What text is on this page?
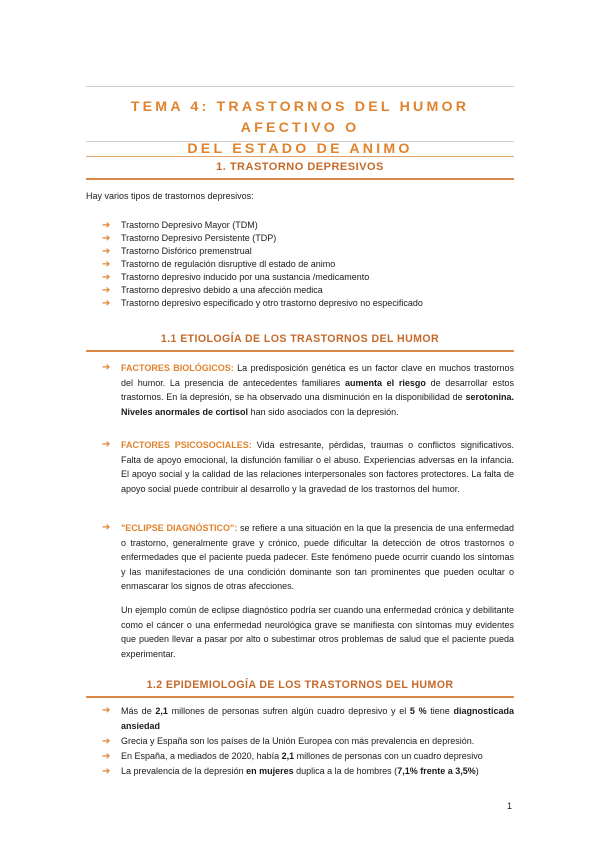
TEMA 4: TRASTORNOS DEL HUMOR AFECTIVO O
DEL ESTADO DE ANIMO
1. TRASTORNO DEPRESIVOS
Hay varios tipos de trastornos depresivos:
➔ Trastorno Depresivo Mayor (TDM)
➔ Trastorno Depresivo Persistente (TDP)
➔ Trastorno Disfórico premenstrual
➔ Trastorno de regulación disruptive dl estado de animo
➔ Trastorno depresivo inducido por una sustancia /medicamento
➔ Trastorno depresivo debido a una afección medica
➔ Trastorno depresivo especificado y otro trastorno depresivo no especificado
1.1 ETIOLOGÍA DE LOS TRASTORNOS DEL HUMOR
➔	FACTORES BIOLÓGICOS: La predisposición genética es un factor clave en muchos trastornos del humor. La presencia de antecedentes familiares aumenta el riesgo de desarrollar estos trastornos. En la depresión, se ha observado una disminución en la disponibilidad de serotonina. Niveles anormales de cortisol han sido asociados con la depresión.
➔	FACTORES PSICOSOCIALES: Vida estresante, pérdidas, traumas o conflictos significativos. Falta de apoyo emocional, la disfunción familiar o el abuso. Experiencias adversas en la infancia. El apoyo social y la calidad de las relaciones interpersonales son factores protectores. La falta de apoyo social puede contribuir al desarrollo y la gravedad de los trastornos del humor.
➔	"ECLIPSE DIAGNÓSTICO": se refiere a una situación en la que la presencia de una enfermedad o trastorno, generalmente grave y crónico, puede dificultar la detección de otros trastornos o enfermedades que el paciente pueda padecer. Este fenómeno puede ocurrir cuando los síntomas y las manifestaciones de una condición dominante son tan prominentes que pueden ocultar o enmascarar los signos de otras afecciones.
Un ejemplo común de eclipse diagnóstico podría ser cuando una enfermedad crónica y debilitante como el cáncer o una enfermedad neurológica grave se manifiesta con síntomas muy evidentes que pueden llevar a pasar por alto o subestimar otros problemas de salud que el paciente pueda experimentar.
1.2 EPIDEMIOLOGÍA DE LOS TRASTORNOS DEL HUMOR
➔ Más de 2,1 millones de personas sufren algún cuadro depresivo y el 5 % tiene diagnosticada ansiedad
➔ Grecia y España son los países de la Unión Europea con más prevalencia en depresión.
➔ En España, a mediados de 2020, había 2,1 millones de personas con un cuadro depresivo
➔ La prevalencia de la depresión en mujeres duplica a la de hombres (7,1% frente a 3,5%)
1
